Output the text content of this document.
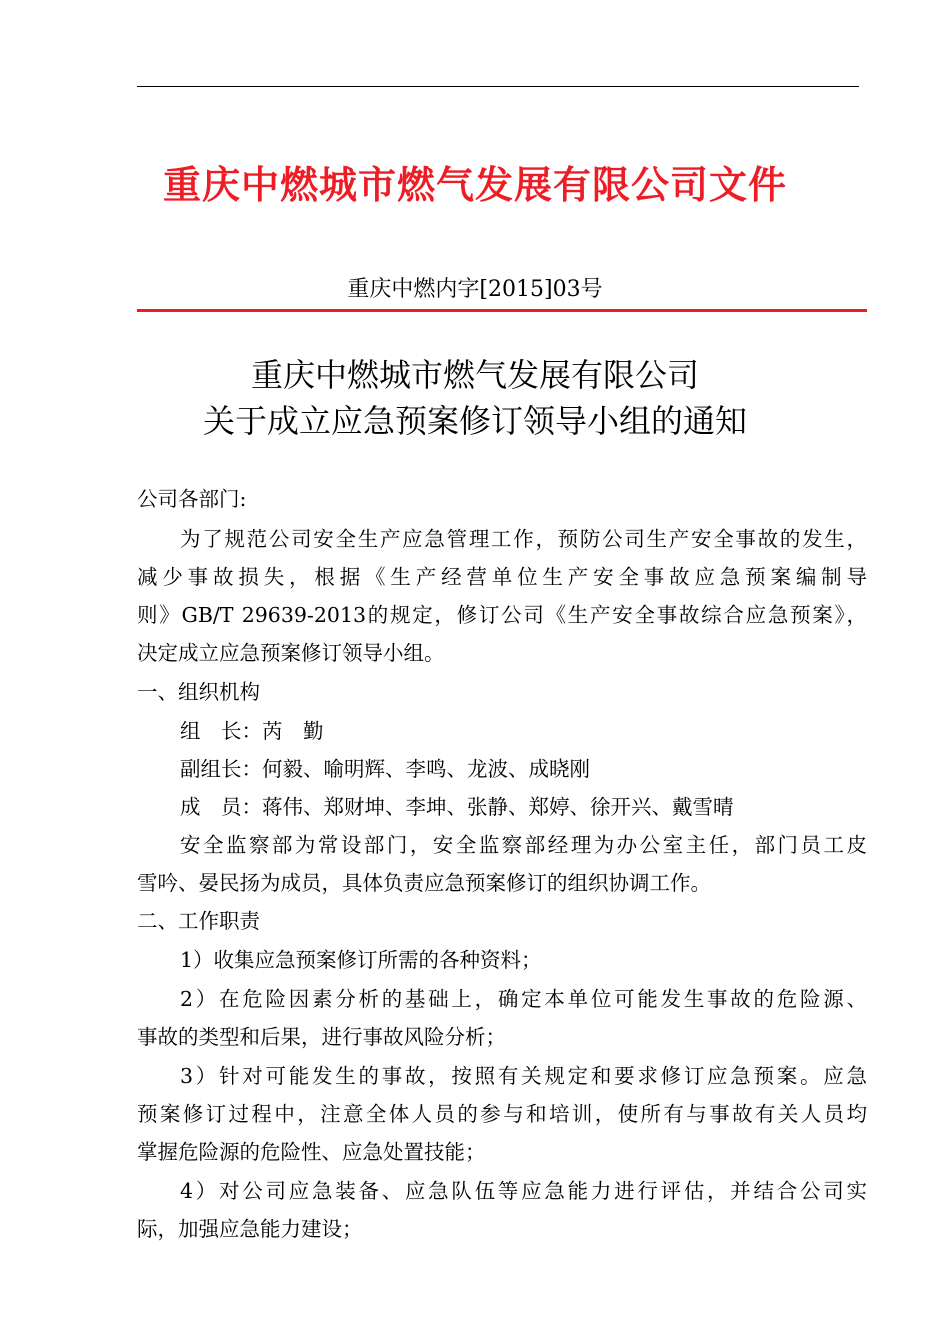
重庆中燃城市燃气发展有限公司文件
重庆中燃内字[2015]03号
重庆中燃城市燃气发展有限公司
关于成立应急预案修订领导小组的通知
公司各部门:
为了规范公司安全生产应急管理工作，预防公司生产安全事故的发生，
减少事故损失，根据《生产经营单位生产安全事故应急预案编制导
则》GB/T 29639-2013的规定，修订公司《生产安全事故综合应急预案》，
决定成立应急预案修订领导小组。
一、组织机构
组　长：芮　勤
副组长：何毅、喻明辉、李鸣、龙波、成晓刚
成　员：蒋伟、郑财坤、李坤、张静、郑婷、徐开兴、戴雪晴
安全监察部为常设部门，安全监察部经理为办公室主任，部门员工皮
雪吟、晏民扬为成员，具体负责应急预案修订的组织协调工作。
二、工作职责
1）收集应急预案修订所需的各种资料；
2）在危险因素分析的基础上，确定本单位可能发生事故的危险源、
事故的类型和后果，进行事故风险分析；
3）针对可能发生的事故，按照有关规定和要求修订应急预案。应急
预案修订过程中，注意全体人员的参与和培训，使所有与事故有关人员均
掌握危险源的危险性、应急处置技能；
4）对公司应急装备、应急队伍等应急能力进行评估，并结合公司实
际，加强应急能力建设；
